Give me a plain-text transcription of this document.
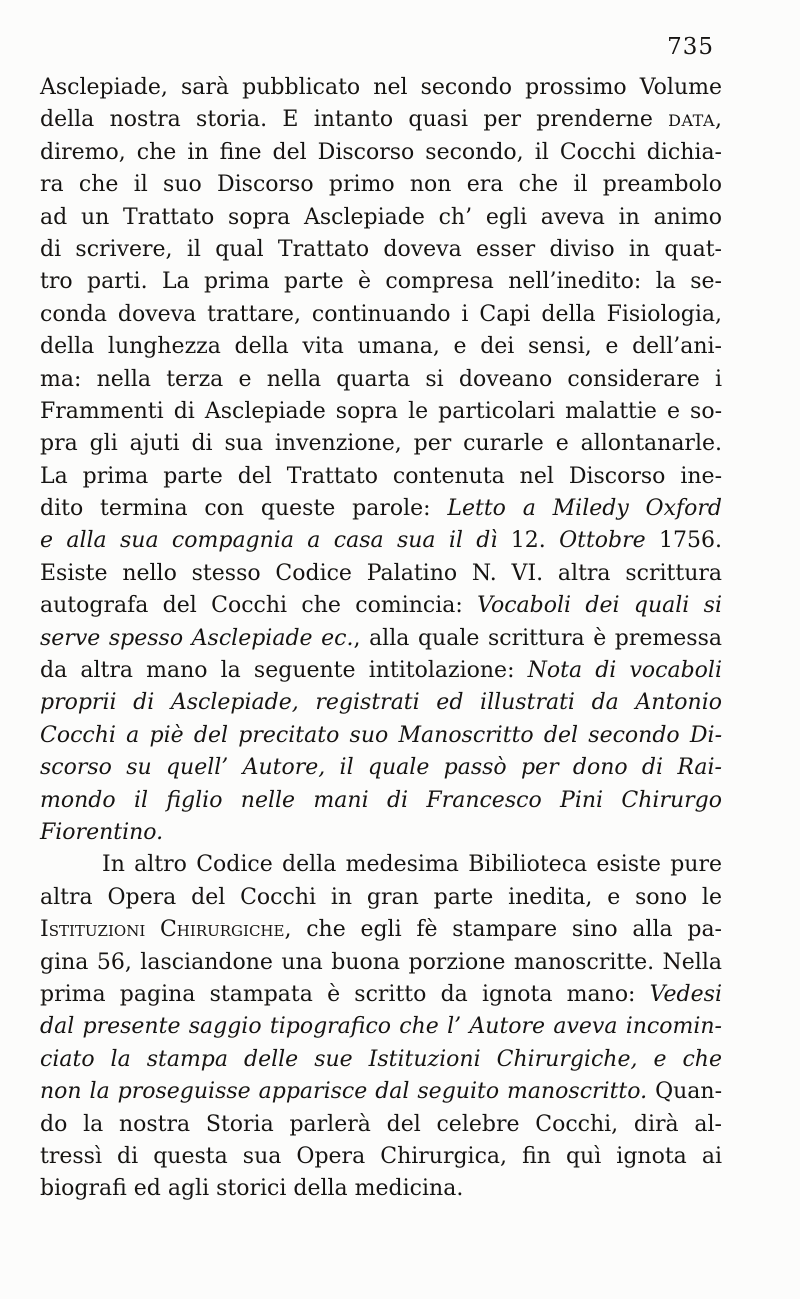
735
Asclepiade, sarà pubblicato nel secondo prossimo Volume
della nostra storia. E intanto quasi per prenderne DATA,
diremo, che in fine del Discorso secondo, il Cocchi dichia-
ra che il suo Discorso primo non era che il preambolo
ad un Trattato sopra Asclepiade ch’ egli aveva in animo
di scrivere, il qual Trattato doveva esser diviso in quat-
tro parti. La prima parte è compresa nell’inedito: la se-
conda doveva trattare, continuando i Capi della Fisiologia,
della lunghezza della vita umana, e dei sensi, e dell’ani-
ma: nella terza e nella quarta si doveano considerare i
Frammenti di Asclepiade sopra le particolari malattie e so-
pra gli ajuti di sua invenzione, per curarle e allontanarle.
La prima parte del Trattato contenuta nel Discorso ine-
dito termina con queste parole: Letto a Miledy Oxford
e alla sua compagnia a casa sua il dì 12. Ottobre 1756.
Esiste nello stesso Codice Palatino N. VI. altra scrittura
autografa del Cocchi che comincia: Vocaboli dei quali si
serve spesso Asclepiade ec., alla quale scrittura è premessa
da altra mano la seguente intitolazione: Nota di vocaboli
proprii di Asclepiade, registrati ed illustrati da Antonio
Cocchi a piè del precitato suo Manoscritto del secondo Di-
scorso su quell’ Autore, il quale passò per dono di Rai-
mondo il figlio nelle mani di Francesco Pini Chirurgo
Fiorentino.
In altro Codice della medesima Bibilioteca esiste pure
altra Opera del Cocchi in gran parte inedita, e sono le
Istituzioni Chirurgiche, che egli fè stampare sino alla pa-
gina 56, lasciandone una buona porzione manoscritte. Nella
prima pagina stampata è scritto da ignota mano: Vedesi
dal presente saggio tipografico che l’ Autore aveva incomin-
ciato la stampa delle sue Istituzioni Chirurgiche, e che
non la proseguisse apparisce dal seguito manoscritto. Quan-
do la nostra Storia parlerà del celebre Cocchi, dirà al-
tressì di questa sua Opera Chirurgica, fin quì ignota ai
biografi ed agli storici della medicina.
